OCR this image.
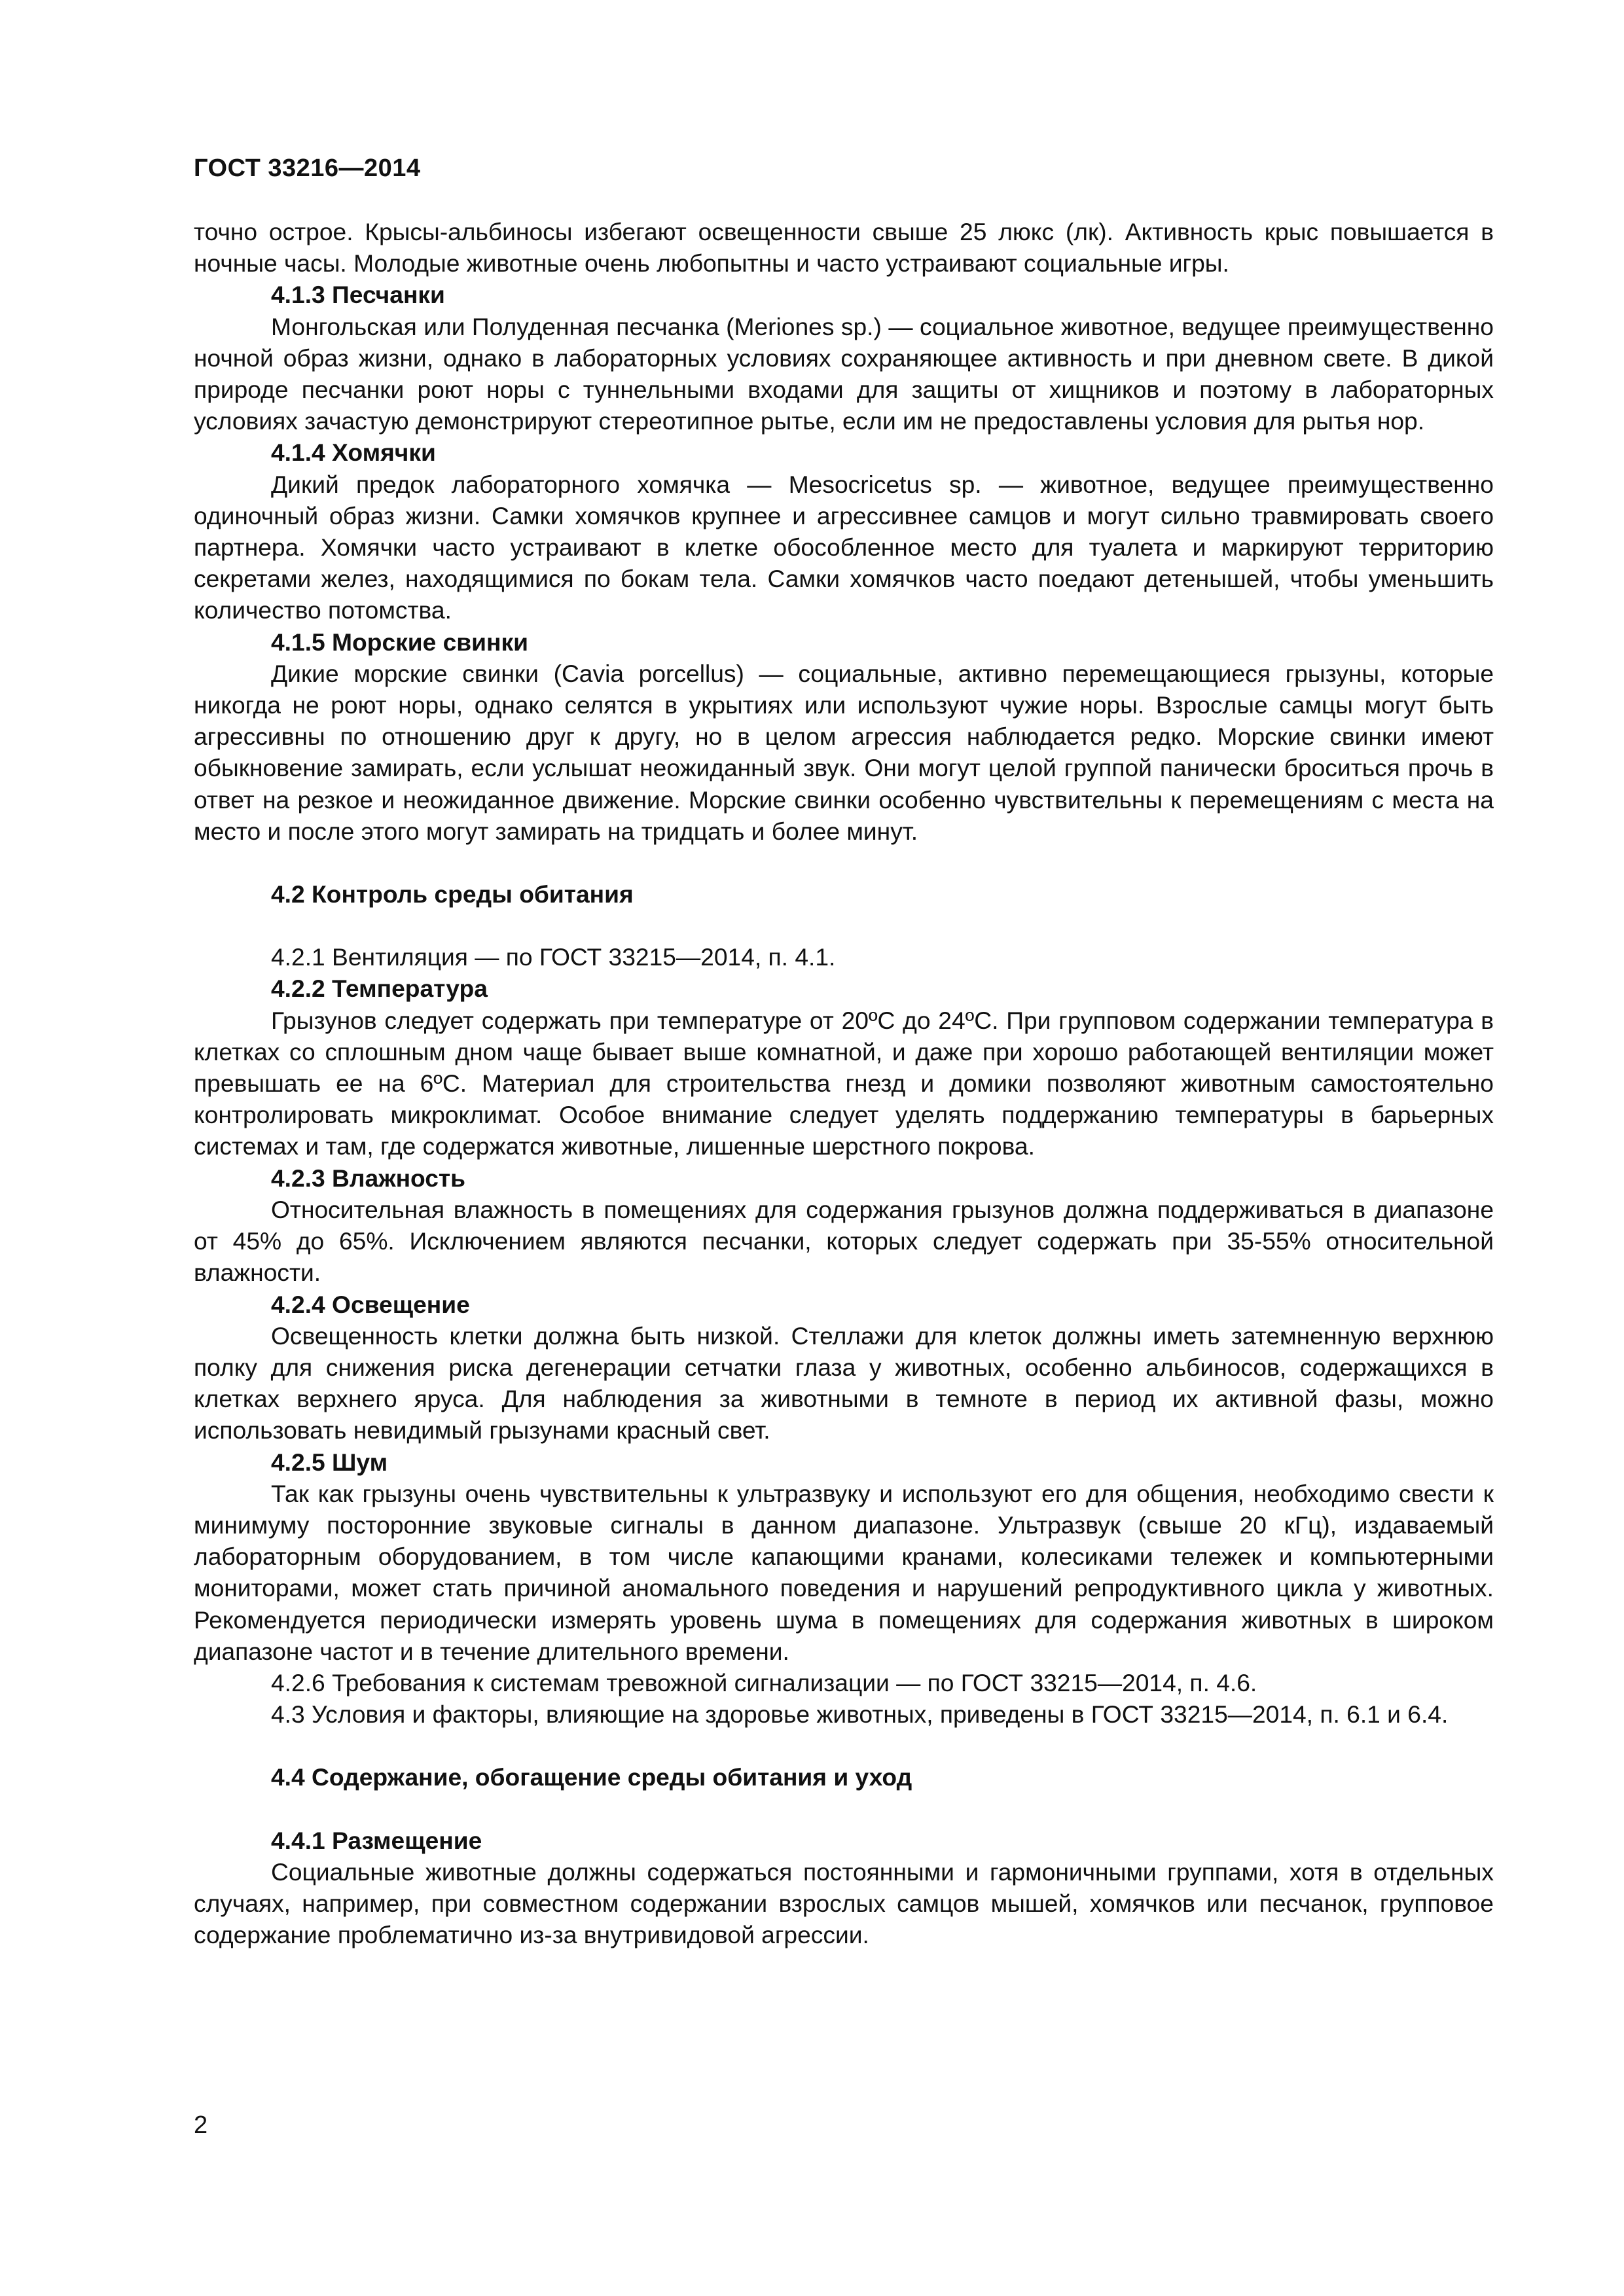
ГОСТ 33216—2014
точно острое. Крысы-альбиносы избегают освещенности свыше 25 люкс (лк). Активность крыс повышается в ночные часы. Молодые животные очень любопытны и часто устраивают социальные игры.
4.1.3 Песчанки
Монгольская или Полуденная песчанка (Meriones sp.) — социальное животное, ведущее преимущественно ночной образ жизни, однако в лабораторных условиях сохраняющее активность и при дневном свете. В дикой природе песчанки роют норы с туннельными входами для защиты от хищников и поэтому в лабораторных условиях зачастую демонстрируют стереотипное рытье, если им не предоставлены условия для рытья нор.
4.1.4 Хомячки
Дикий предок лабораторного хомячка — Mesocricetus sp. — животное, ведущее преимущественно одиночный образ жизни. Самки хомячков крупнее и агрессивнее самцов и могут сильно травмировать своего партнера. Хомячки часто устраивают в клетке обособленное место для туалета и маркируют территорию секретами желез, находящимися по бокам тела. Самки хомячков часто поедают детенышей, чтобы уменьшить количество потомства.
4.1.5 Морские свинки
Дикие морские свинки (Cavia porcellus) — социальные, активно перемещающиеся грызуны, которые никогда не роют норы, однако селятся в укрытиях или используют чужие норы. Взрослые самцы могут быть агрессивны по отношению друг к другу, но в целом агрессия наблюдается редко. Морские свинки имеют обыкновение замирать, если услышат неожиданный звук. Они могут целой группой панически броситься прочь в ответ на резкое и неожиданное движение. Морские свинки особенно чувствительны к перемещениям с места на место и после этого могут замирать на тридцать и более минут.
4.2 Контроль среды обитания
4.2.1 Вентиляция — по ГОСТ 33215—2014, п. 4.1.
4.2.2 Температура
Грызунов следует содержать при температуре от 20ºС до 24ºС. При групповом содержании температура в клетках со сплошным дном чаще бывает выше комнатной, и даже при хорошо работающей вентиляции может превышать ее на 6ºС. Материал для строительства гнезд и домики позволяют животным самостоятельно контролировать микроклимат. Особое внимание следует уделять поддержанию температуры в барьерных системах и там, где содержатся животные, лишенные шерстного покрова.
4.2.3 Влажность
Относительная влажность в помещениях для содержания грызунов должна поддерживаться в диапазоне от 45% до 65%. Исключением являются песчанки, которых следует содержать при 35-55% относительной влажности.
4.2.4 Освещение
Освещенность клетки должна быть низкой. Стеллажи для клеток должны иметь затемненную верхнюю полку для снижения риска дегенерации сетчатки глаза у животных, особенно альбиносов, содержащихся в клетках верхнего яруса. Для наблюдения за животными в темноте в период их активной фазы, можно использовать невидимый грызунами красный свет.
4.2.5 Шум
Так как грызуны очень чувствительны к ультразвуку и используют его для общения, необходимо свести к минимуму посторонние звуковые сигналы в данном диапазоне. Ультразвук (свыше 20 кГц), издаваемый лабораторным оборудованием, в том числе капающими кранами, колесиками тележек и компьютерными мониторами, может стать причиной аномального поведения и нарушений репродуктивного цикла у животных. Рекомендуется периодически измерять уровень шума в помещениях для содержания животных в широком диапазоне частот и в течение длительного времени.
4.2.6 Требования к системам тревожной сигнализации — по ГОСТ 33215—2014, п. 4.6.
4.3 Условия и факторы, влияющие на здоровье животных, приведены в ГОСТ 33215—2014, п. 6.1 и 6.4.
4.4 Содержание, обогащение среды обитания и уход
4.4.1 Размещение
Социальные животные должны содержаться постоянными и гармоничными группами, хотя в отдельных случаях, например, при совместном содержании взрослых самцов мышей, хомячков или песчанок, групповое содержание проблематично из-за внутривидовой агрессии.
2
